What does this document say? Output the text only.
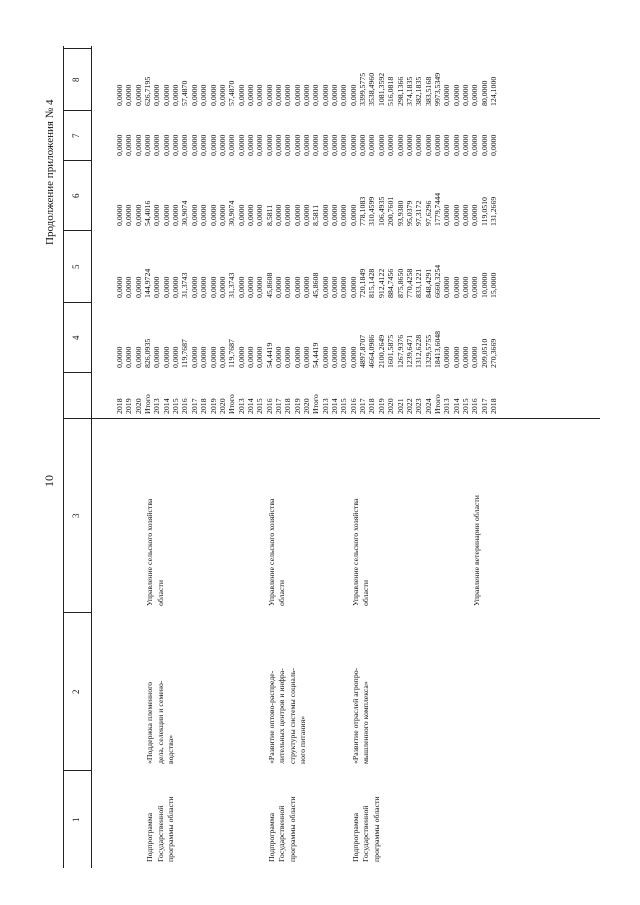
10
Продолжение приложения № 4
1
2
3
4
5
6
7
8
Подпрограмма Государственной программы области
«Поддержка племенного дела, селекции и семено- водства»
Управление сельского хозяйства области
2018
0,0000
0,0000
0,0000
0,0000
0,0000
2019
0,0000
0,0000
0,0000
0,0000
0,0000
2020
0,0000
0,0000
0,0000
0,0000
0,0000
Итого
826,0935
144,9724
54,4016
0,0000
626,7195
2013
0,0000
0,0000
0,0000
0,0000
0,0000
2014
0,0000
0,0000
0,0000
0,0000
0,0000
2015
0,0000
0,0000
0,0000
0,0000
0,0000
2016
119,7687
31,3743
30,9074
0,0000
57,4870
2017
0,0000
0,0000
0,0000
0,0000
0,0000
2018
0,0000
0,0000
0,0000
0,0000
0,0000
2019
0,0000
0,0000
0,0000
0,0000
0,0000
2020
0,0000
0,0000
0,0000
0,0000
0,0000
Итого
119,7687
31,3743
30,9074
0,0000
57,4870
Подпрограмма Государственной программы области
«Развитие оптово-распреде- лительных центров и инфра- структуры системы социаль- ного питания»
Управление сельского хозяйства области
2013
0,0000
0,0000
0,0000
0,0000
0,0000
2014
0,0000
0,0000
0,0000
0,0000
0,0000
2015
0,0000
0,0000
0,0000
0,0000
0,0000
2016
54,4419
45,8608
8,5811
0,0000
0,0000
2017
0,0000
0,0000
0,0000
0,0000
0,0000
2018
0,0000
0,0000
0,0000
0,0000
0,0000
2019
0,0000
0,0000
0,0000
0,0000
0,0000
2020
0,0000
0,0000
0,0000
0,0000
0,0000
Итого
54,4419
45,8608
8,5811
0,0000
0,0000
Подпрограмма Государственной программы области
«Развитие отраслей агропро- мышленного комплекса»
Управление сельского хозяйства области
2013
0,0000
0,0000
0,0000
0,0000
0,0000
2014
0,0000
0,0000
0,0000
0,0000
0,0000
2015
0,0000
0,0000
0,0000
0,0000
0,0000
2016
0,0000
0,0000
0,0000
0,0000
0,0000
2017
4897,8707
720,1849
778,1083
0,0000
3399,5775
2018
4664,0986
815,1428
310,4599
0,0000
3538,4960
2019
2100,2649
912,4122
106,4935
0,0000
1081,3592
2020
1601,5875
884,7456
200,7601
0,0000
516,0818
2021
1267,9376
875,8650
93,9380
0,0000
298,1366
2022
1239,6471
770,4258
95,0379
0,0000
374,1835
2023
1312,6228
833,1221
97,3172
0,0000
382,1835
2024
1329,5755
848,4291
97,6296
0,0000
383,5168
Итого
18413,6048
6660,3254
1779,7444
0,0000
9973,5349
Управление ветеринарии области
2013
0,0000
0,0000
0,0000
0,0000
0,0000
2014
0,0000
0,0000
0,0000
0,0000
0,0000
2015
0,0000
0,0000
0,0000
0,0000
0,0000
2016
0,0000
0,0000
0,0000
0,0000
0,0000
2017
209,0510
10,0000
119,0510
0,0000
80,0000
2018
270,3669
15,0000
131,2669
0,0000
124,1000
